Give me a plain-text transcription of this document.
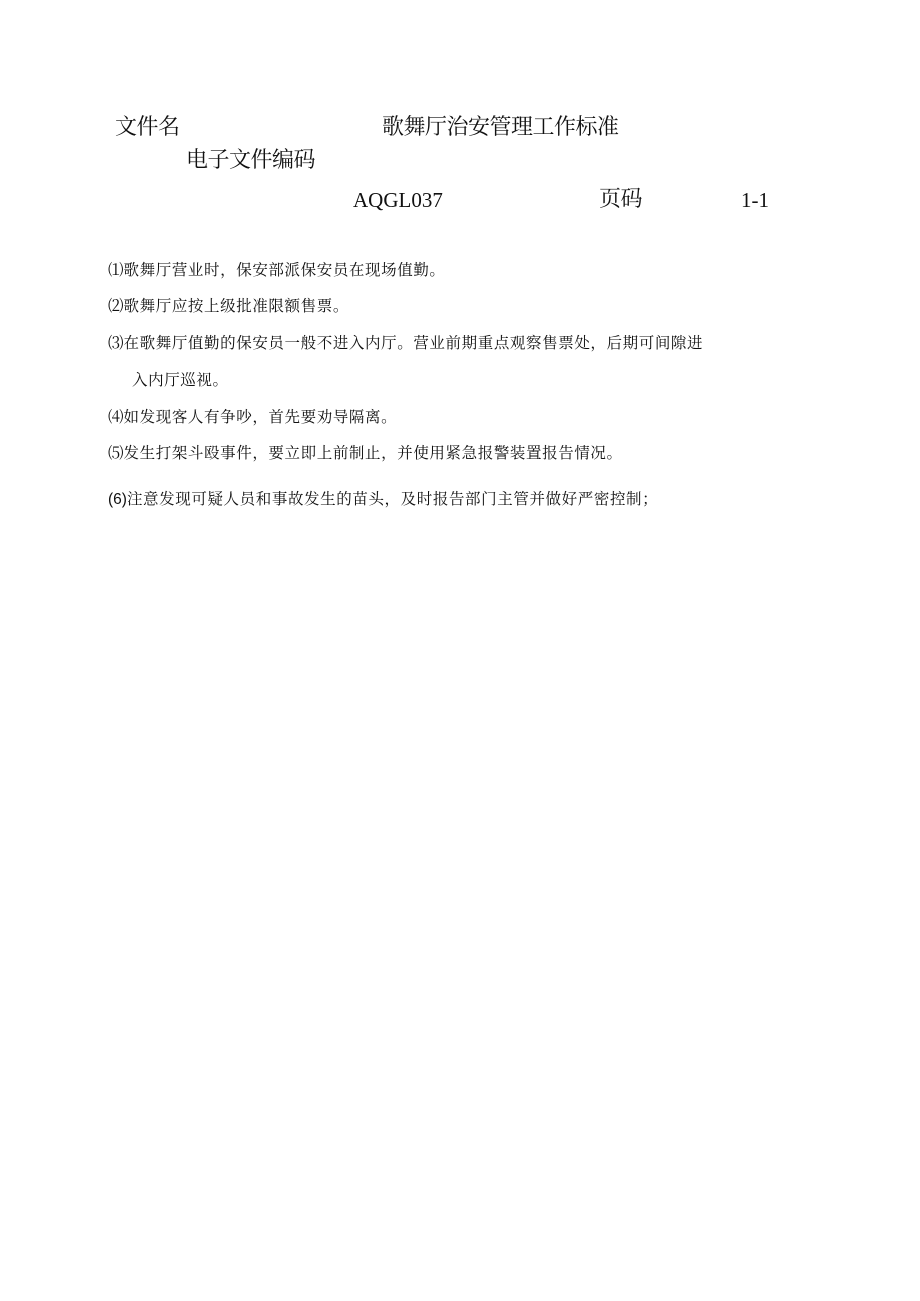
文件名	歌舞厅治安管理工作标准
电子文件编码
AQGL037	页码	1-1
⑴歌舞厅营业时，保安部派保安员在现场值勤。
⑵歌舞厅应按上级批准限额售票。
⑶在歌舞厅值勤的保安员一般不进入内厅。营业前期重点观察售票处，后期可间隙进
入内厅巡视。
⑷如发现客人有争吵，首先要劝导隔离。
⑸发生打架斗殴事件，要立即上前制止，并使用紧急报警装置报告情况。
(6)注意发现可疑人员和事故发生的苗头，及时报告部门主管并做好严密控制；
